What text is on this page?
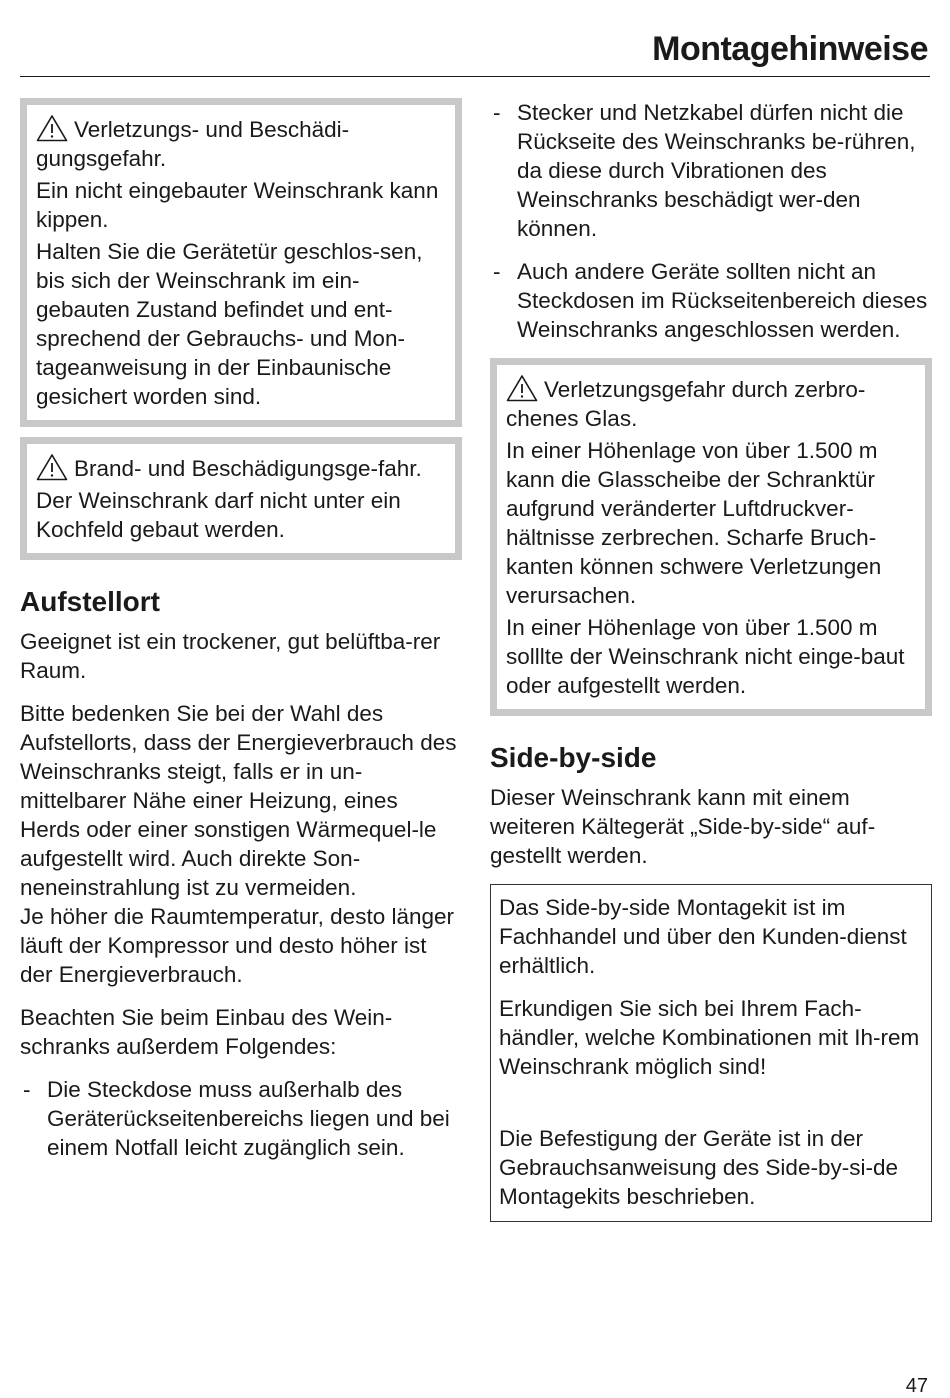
Montagehinweise

Verletzungs- und Beschädi-gungsgefahr.

Ein nicht eingebauter Weinschrank kann kippen.

Halten Sie die Gerätetür geschlos-sen, bis sich der Weinschrank im ein-gebauten Zustand befindet und ent-sprechend der Gebrauchs- und Mon-tageanweisung in der Einbaunische gesichert worden sind.

Brand- und Beschädigungsge-fahr.

Der Weinschrank darf nicht unter ein Kochfeld gebaut werden.

Aufstellort

Geeignet ist ein trockener, gut belüftba-rer Raum.

Bitte bedenken Sie bei der Wahl des Aufstellorts, dass der Energieverbrauch des Weinschranks steigt, falls er in un-mittelbarer Nähe einer Heizung, eines Herds oder einer sonstigen Wärmequel-le aufgestellt wird. Auch direkte Son-neneinstrahlung ist zu vermeiden.

Je höher die Raumtemperatur, desto länger läuft der Kompressor und desto höher ist der Energieverbrauch.

Beachten Sie beim Einbau des Wein-schranks außerdem Folgendes:

- Die Steckdose muss außerhalb des Geräterückseitenbereichs liegen und bei einem Notfall leicht zugänglich sein.
- Stecker und Netzkabel dürfen nicht die Rückseite des Weinschranks be-rühren, da diese durch Vibrationen des Weinschranks beschädigt wer-den können.
- Auch andere Geräte sollten nicht an Steckdosen im Rückseitenbereich dieses Weinschranks angeschlossen werden.

Verletzungsgefahr durch zerbro-chenes Glas.

In einer Höhenlage von über 1.500 m kann die Glasscheibe der Schranktür aufgrund veränderter Luftdruckver-hältnisse zerbrechen. Scharfe Bruch-kanten können schwere Verletzungen verursachen.

In einer Höhenlage von über 1.500 m solllte der Weinschrank nicht einge-baut oder aufgestellt werden.

Side-by-side

Dieser Weinschrank kann mit einem weiteren Kältegerät „Side-by-side“ auf-gestellt werden.

Das Side-by-side Montagekit ist im Fachhandel und über den Kunden-dienst erhältlich.

Erkundigen Sie sich bei Ihrem Fach-händler, welche Kombinationen mit Ih-rem Weinschrank möglich sind!

Die Befestigung der Geräte ist in der Gebrauchsanweisung des Side-by-si-de Montagekits beschrieben.

47
